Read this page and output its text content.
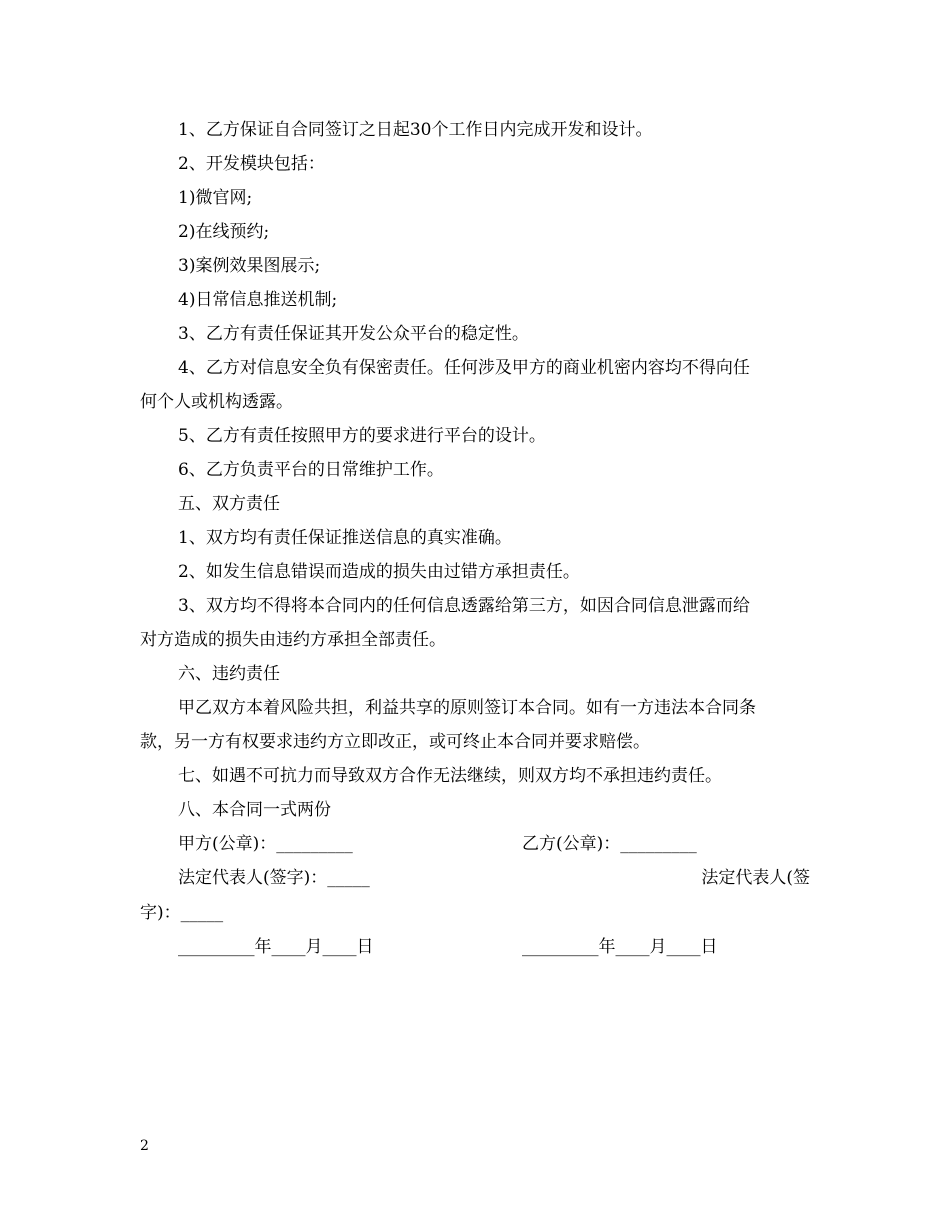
1、乙方保证自合同签订之日起30个工作日内完成开发和设计。
2、开发模块包括：
1)微官网;
2)在线预约;
3)案例效果图展示;
4)日常信息推送机制;
3、乙方有责任保证其开发公众平台的稳定性。
4、乙方对信息安全负有保密责任。任何涉及甲方的商业机密内容均不得向任
何个人或机构透露。
5、乙方有责任按照甲方的要求进行平台的设计。
6、乙方负责平台的日常维护工作。
五、双方责任
1、双方均有责任保证推送信息的真实准确。
2、如发生信息错误而造成的损失由过错方承担责任。
3、双方均不得将本合同内的任何信息透露给第三方，如因合同信息泄露而给
对方造成的损失由违约方承担全部责任。
六、违约责任
甲乙双方本着风险共担，利益共享的原则签订本合同。如有一方违法本合同条
款，另一方有权要求违约方立即改正，或可终止本合同并要求赔偿。
七、如遇不可抗力而导致双方合作无法继续，则双方均不承担违约责任。
八、本合同一式两份
甲方(公章)：_________	乙方(公章)：_________
法定代表人(签字)：_____	法定代表人(签
字)：_____
_________年____月____日	_________年____月____日
2
